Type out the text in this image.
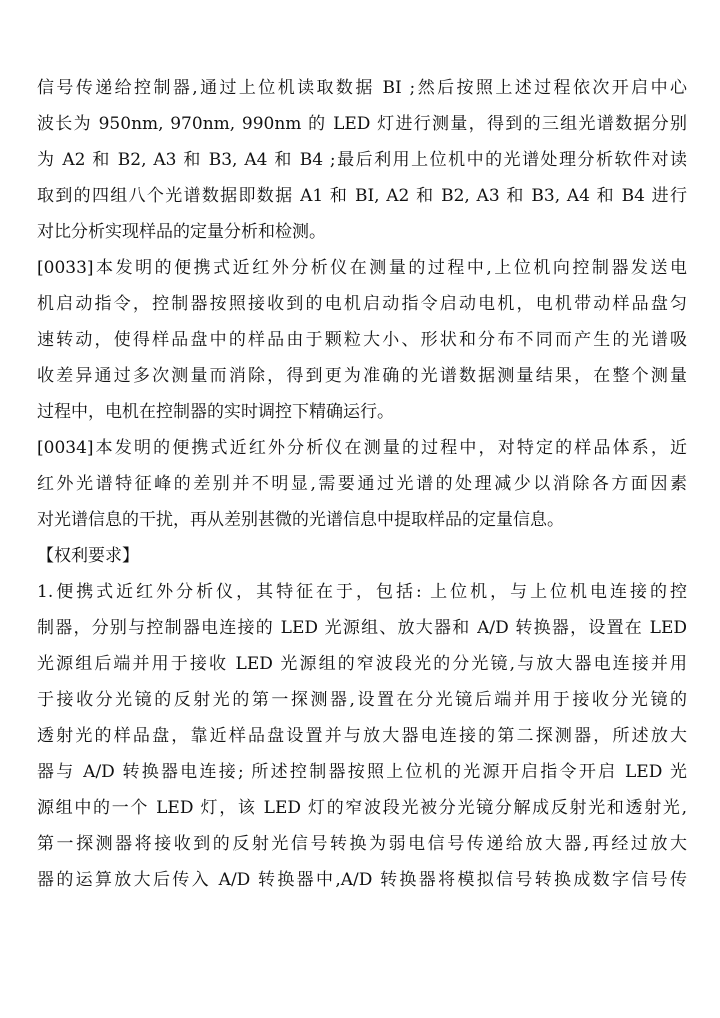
信号传递给控制器,通过上位机读取数据 BI ;然后按照上述过程依次开启中心
波长为 950nm, 970nm, 990nm 的 LED 灯进行测量，得到的三组光谱数据分别
为 A2 和 B2, A3 和 B3, A4 和 B4 ;最后利用上位机中的光谱处理分析软件对读
取到的四组八个光谱数据即数据 A1 和 BI, A2 和 B2, A3 和 B3, A4 和 B4 进行
对比分析实现样品的定量分析和检测。
[0033]本发明的便携式近红外分析仪在测量的过程中,上位机向控制器发送电
机启动指令，控制器按照接收到的电机启动指令启动电机，电机带动样品盘匀
速转动，使得样品盘中的样品由于颗粒大小、形状和分布不同而产生的光谱吸
收差异通过多次测量而消除，得到更为准确的光谱数据测量结果，在整个测量
过程中，电机在控制器的实时调控下精确运行。
[0034]本发明的便携式近红外分析仪在测量的过程中，对特定的样品体系，近
红外光谱特征峰的差别并不明显,需要通过光谱的处理减少以消除各方面因素
对光谱信息的干扰，再从差别甚微的光谱信息中提取样品的定量信息。
【权利要求】
1.便携式近红外分析仪，其特征在于，包括: 上位机，与上位机电连接的控
制器，分别与控制器电连接的 LED 光源组、放大器和 A/D 转换器，设置在 LED
光源组后端并用于接收 LED 光源组的窄波段光的分光镜,与放大器电连接并用
于接收分光镜的反射光的第一探测器,设置在分光镜后端并用于接收分光镜的
透射光的样品盘，靠近样品盘设置并与放大器电连接的第二探测器，所述放大
器与 A/D 转换器电连接; 所述控制器按照上位机的光源开启指令开启 LED 光
源组中的一个 LED 灯，该 LED 灯的窄波段光被分光镜分解成反射光和透射光,
第一探测器将接收到的反射光信号转换为弱电信号传递给放大器,再经过放大
器的运算放大后传入 A/D 转换器中,A/D 转换器将模拟信号转换成数字信号传
